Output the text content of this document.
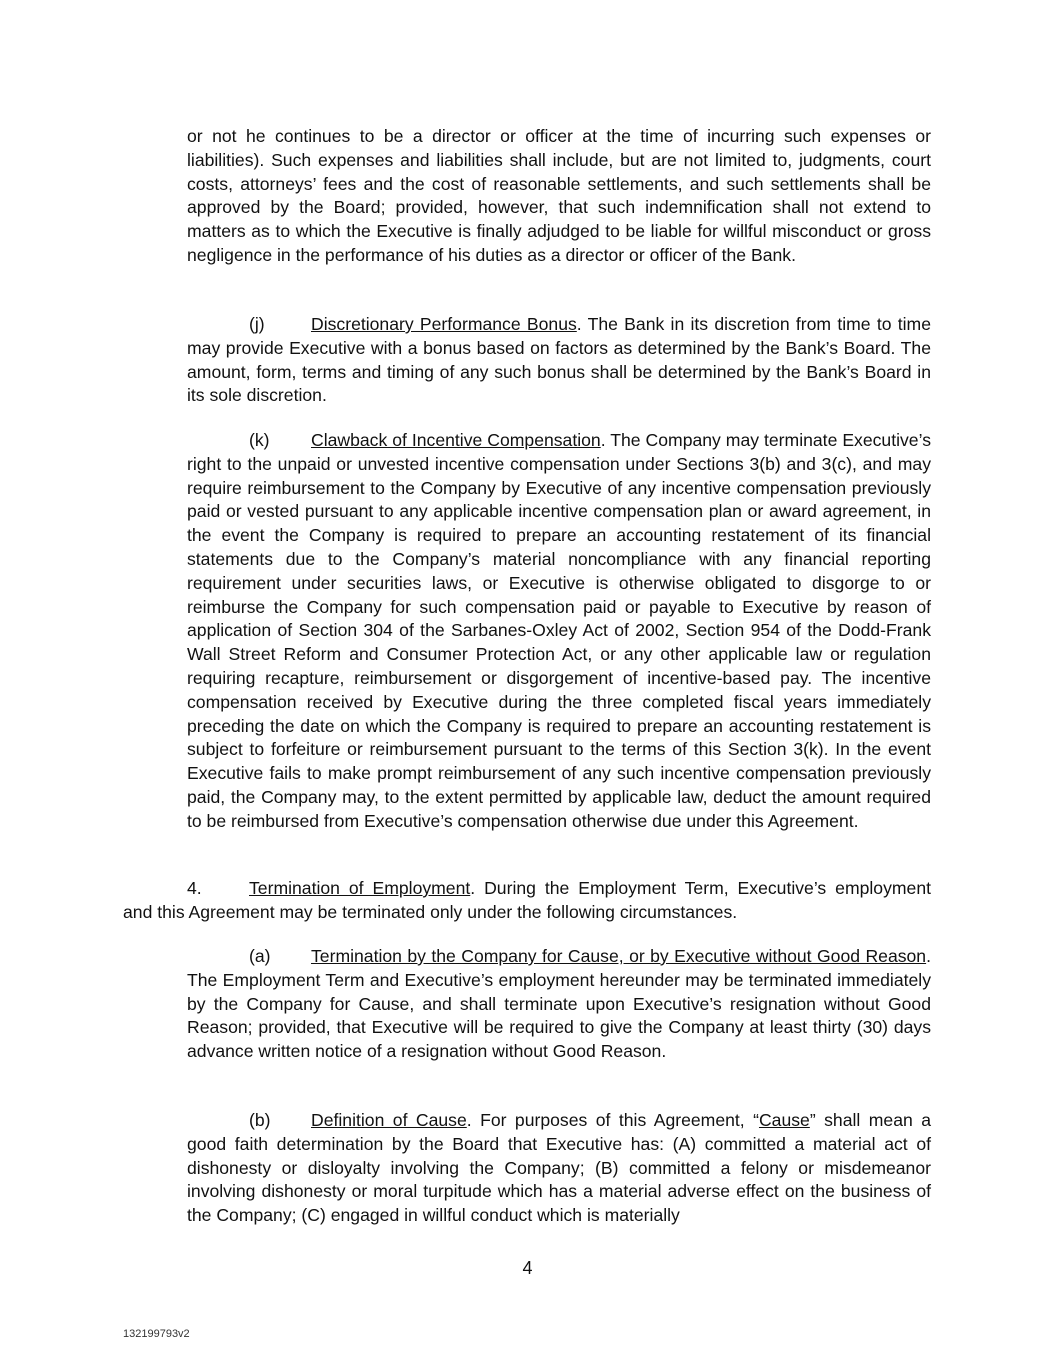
or not he continues to be a director or officer at the time of incurring such expenses or liabilities). Such expenses and liabilities shall include, but are not limited to, judgments, court costs, attorneys’ fees and the cost of reasonable settlements, and such settlements shall be approved by the Board; provided, however, that such indemnification shall not extend to matters as to which the Executive is finally adjudged to be liable for willful misconduct or gross negligence in the performance of his duties as a director or officer of the Bank.

(j)	Discretionary Performance Bonus. The Bank in its discretion from time to time may provide Executive with a bonus based on factors as determined by the Bank’s Board. The amount, form, terms and timing of any such bonus shall be determined by the Bank’s Board in its sole discretion.

(k) Clawback of Incentive Compensation. The Company may terminate Executive’s right to the unpaid or unvested incentive compensation under Sections 3(b) and 3(c), and may require reimbursement to the Company by Executive of any incentive compensation previously paid or vested pursuant to any applicable incentive compensation plan or award agreement, in the event the Company is required to prepare an accounting restatement of its financial statements due to the Company’s material noncompliance with any financial reporting requirement under securities laws, or Executive is otherwise obligated to disgorge to or reimburse the Company for such compensation paid or payable to Executive by reason of application of Section 304 of the Sarbanes-Oxley Act of 2002, Section 954 of the Dodd-Frank Wall Street Reform and Consumer Protection Act, or any other applicable law or regulation requiring recapture, reimbursement or disgorgement of incentive-based pay. The incentive compensation received by Executive during the three completed fiscal years immediately preceding the date on which the Company is required to prepare an accounting restatement is subject to forfeiture or reimbursement pursuant to the terms of this Section 3(k). In the event Executive fails to make prompt reimbursement of any such incentive compensation previously paid, the Company may, to the extent permitted by applicable law, deduct the amount required to be reimbursed from Executive’s compensation otherwise due under this Agreement.

4.	Termination of Employment. During the Employment Term, Executive’s employment and this Agreement may be terminated only under the following circumstances.

(a) Termination by the Company for Cause, or by Executive without Good Reason. The Employment Term and Executive’s employment hereunder may be terminated immediately by the Company for Cause, and shall terminate upon Executive’s resignation without Good Reason; provided, that Executive will be required to give the Company at least thirty (30) days advance written notice of a resignation without Good Reason.

(b) Definition of Cause. For purposes of this Agreement, “Cause” shall mean a good faith determination by the Board that Executive has: (A) committed a material act of dishonesty or disloyalty involving the Company; (B) committed a felony or misdemeanor involving dishonesty or moral turpitude which has a material adverse effect on the business of the Company; (C) engaged in willful conduct which is materially

4
132199793v2
